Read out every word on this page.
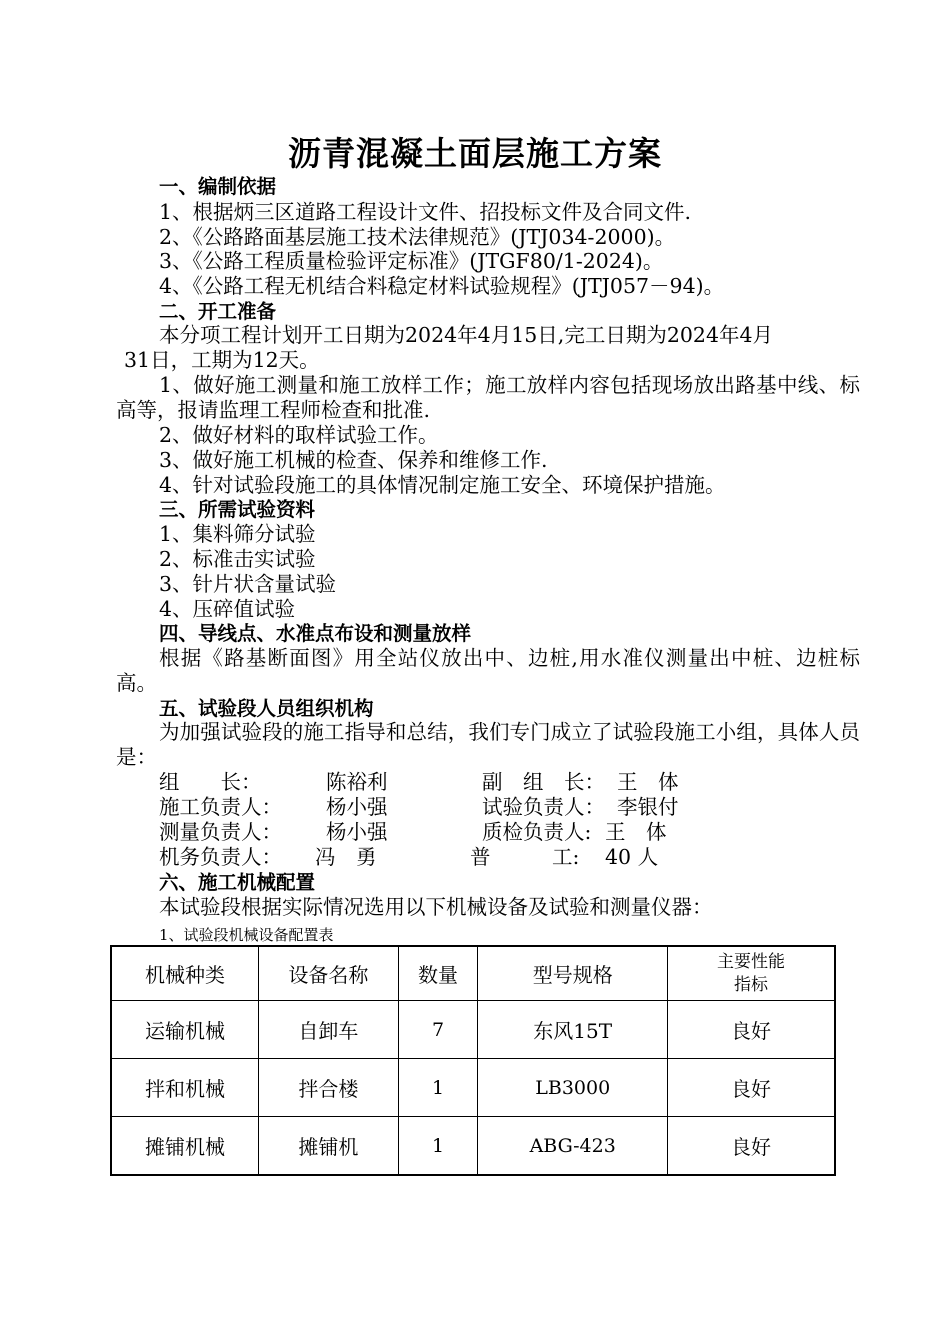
沥青混凝土面层施工方案
一、编制依据
1、根据炳三区道路工程设计文件、招投标文件及合同文件.
2、《公路路面基层施工技术法律规范》(JTJ034-2000)。
3、《公路工程质量检验评定标准》(JTGF80/1-2024)。
4、《公路工程无机结合料稳定材料试验规程》(JTJ057－94)。
二、开工准备
本分项工程计划开工日期为2024年4月15日,完工日期为2024年4月
31日，工期为12天。
1、做好施工测量和施工放样工作；施工放样内容包括现场放出路基中线、标高等，报请监理工程师检查和批准.
2、做好材料的取样试验工作。
3、做好施工机械的检查、保养和维修工作.
4、针对试验段施工的具体情况制定施工安全、环境保护措施。
三、所需试验资料
1、集料筛分试验
2、标准击实试验
3、针片状含量试验
4、压碎值试验
四、导线点、水准点布设和测量放样
根据《路基断面图》用全站仪放出中、边桩,用水准仪测量出中桩、边桩标高。
五、试验段人员组织机构
为加强试验段的施工指导和总结，我们专门成立了试验段施工小组，具体人员是：
组　　长：	陈裕利	副　组　长： 王　体
施工负责人： 杨小强	试验负责人： 李银付
测量负责人： 杨小强	质检负责人: 王　体
机务负责人： 冯　勇	普　　　工: 40 人
六、施工机械配置
本试验段根据实际情况选用以下机械设备及试验和测量仪器：
1、试验段机械设备配置表
机械种类	设备名称	数量	型号规格	主要性能
指标

运输机械	自卸车	7	东风15T	良好
拌和机械	拌合楼	1	LB3000	良好
摊铺机械	摊铺机	1	ABG-423	良好
